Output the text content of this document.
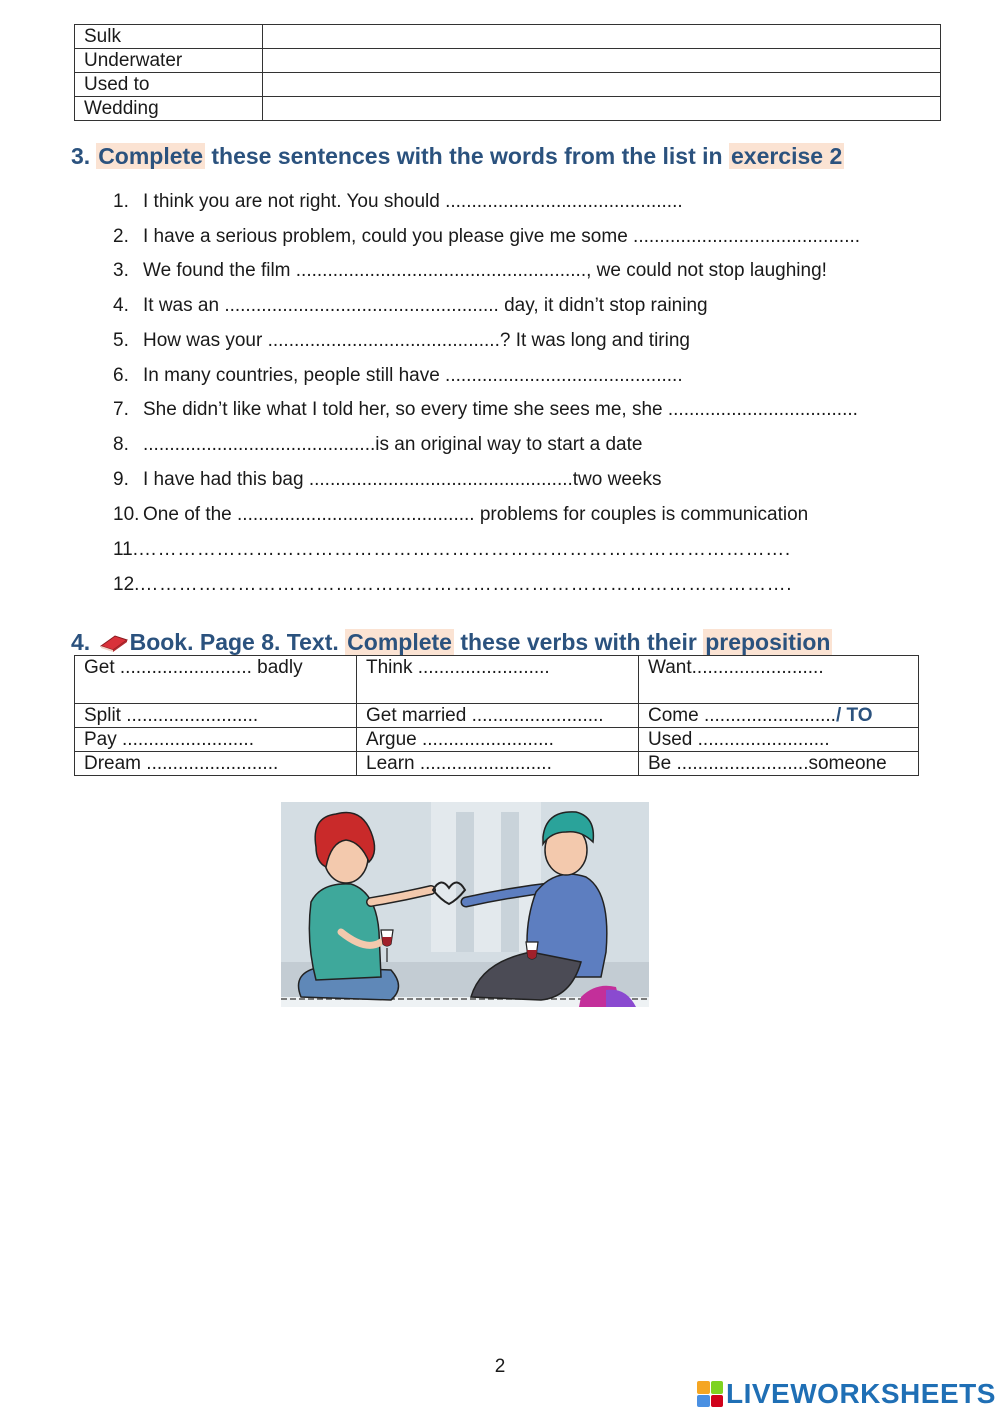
Sulk	
Underwater	
Used to	
Wedding	
3. Complete these sentences with the words from the list in exercise 2
1. I think you are not right. You should .............................................
2. I have a serious problem, could you please give me some ...........................................
3. We found the film ......................................................., we could not stop laughing!
4. It was an .................................................... day, it didn’t stop raining
5. How was your ............................................? It was long and tiring
6. In many countries, people still have .............................................
7. She didn’t like what I told her, so every time she sees me, she ....................................
8. ............................................is an original way to start a date
9. I have had this bag ..................................................two weeks
10. One of the ............................................. problems for couples is communication
11.……………………………………………………………………………………….
12.……………………………………………………………………………………….
4. Book. Page 8. Text. Complete these verbs with their preposition
Get ......................... badly	Think .........................	Want.........................
Split .........................	Get married .........................	Come ........................./ TO
Pay .........................	Argue .........................	Used .........................
Dream .........................	Learn .........................	Be .........................someone
2
LIVEWORKSHEETS
